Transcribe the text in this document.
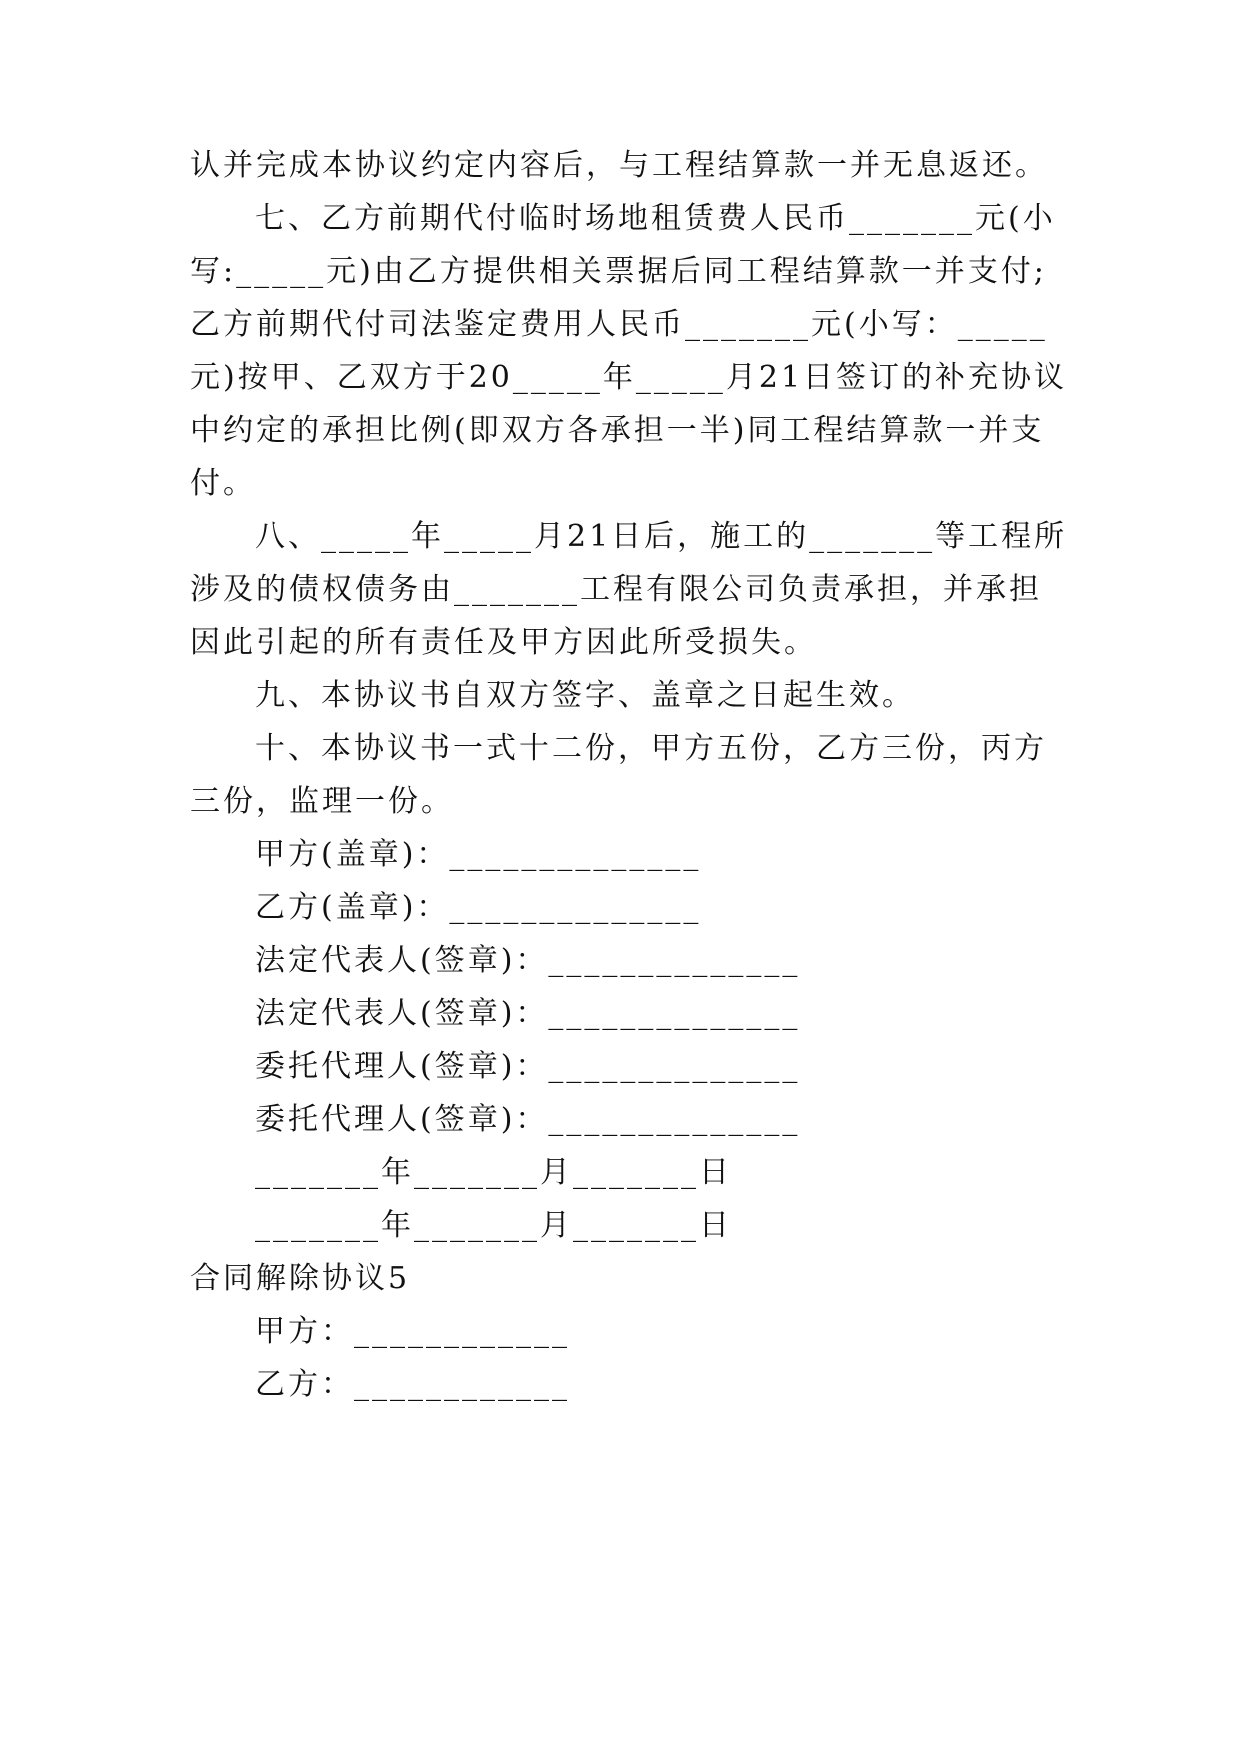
认并完成本协议约定内容后，与工程结算款一并无息返还。
七、乙方前期代付临时场地租赁费人民币_______元(小
写:_____元)由乙方提供相关票据后同工程结算款一并支付;
乙方前期代付司法鉴定费用人民币_______元(小写：_____
元)按甲、乙双方于20_____年_____月21日签订的补充协议
中约定的承担比例(即双方各承担一半)同工程结算款一并支
付。
八、_____年_____月21日后，施工的_______等工程所
涉及的债权债务由_______工程有限公司负责承担，并承担
因此引起的所有责任及甲方因此所受损失。
九、本协议书自双方签字、盖章之日起生效。
十、本协议书一式十二份，甲方五份，乙方三份，丙方
三份，监理一份。
甲方(盖章)：______________
乙方(盖章)：______________
法定代表人(签章)：______________
法定代表人(签章)：______________
委托代理人(签章)：______________
委托代理人(签章)：______________
_______年_______月_______日
_______年_______月_______日
合同解除协议5
甲方：____________
乙方：____________
